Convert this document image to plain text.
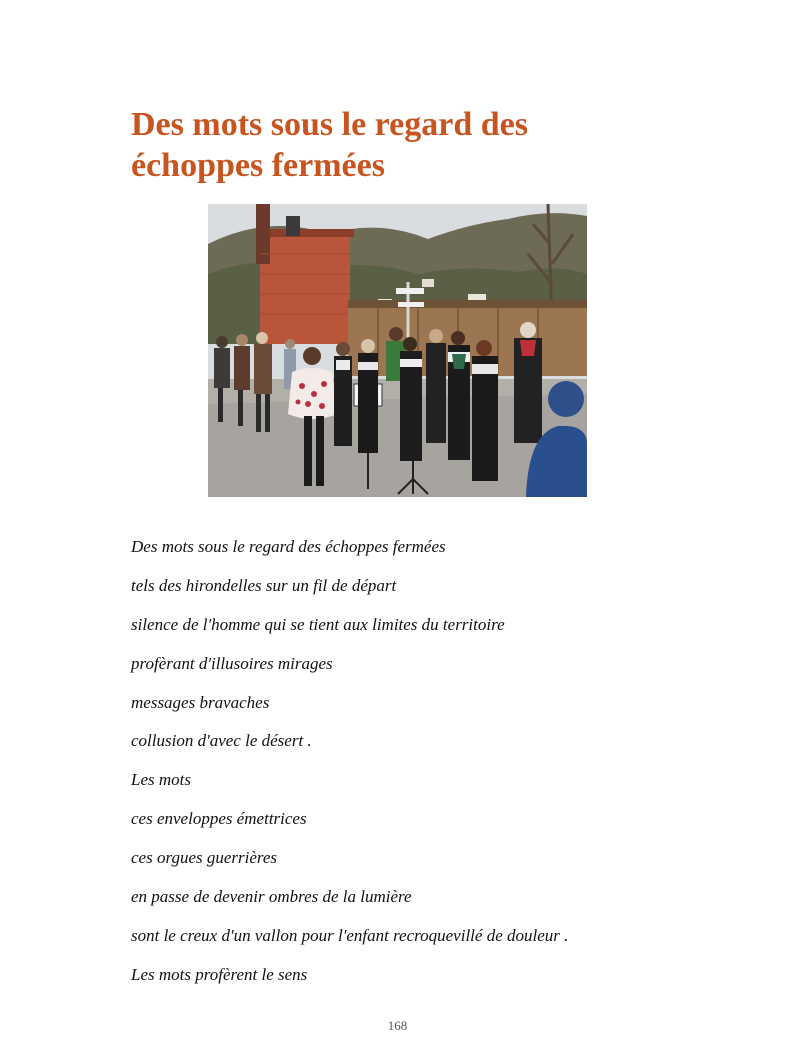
Des mots sous le regard des
échoppes fermées
Des mots sous le regard des échoppes fermées
tels des hirondelles sur un fil de départ
silence de l'homme qui se tient aux limites du territoire
profèrant d'illusoires mirages
messages bravaches
collusion d'avec le désert .
Les mots
ces enveloppes émettrices
ces orgues guerrières
en passe de devenir ombres de la lumière
sont le creux d'un vallon pour l'enfant recroquevillé de douleur .
Les mots profèrent le sens
168
